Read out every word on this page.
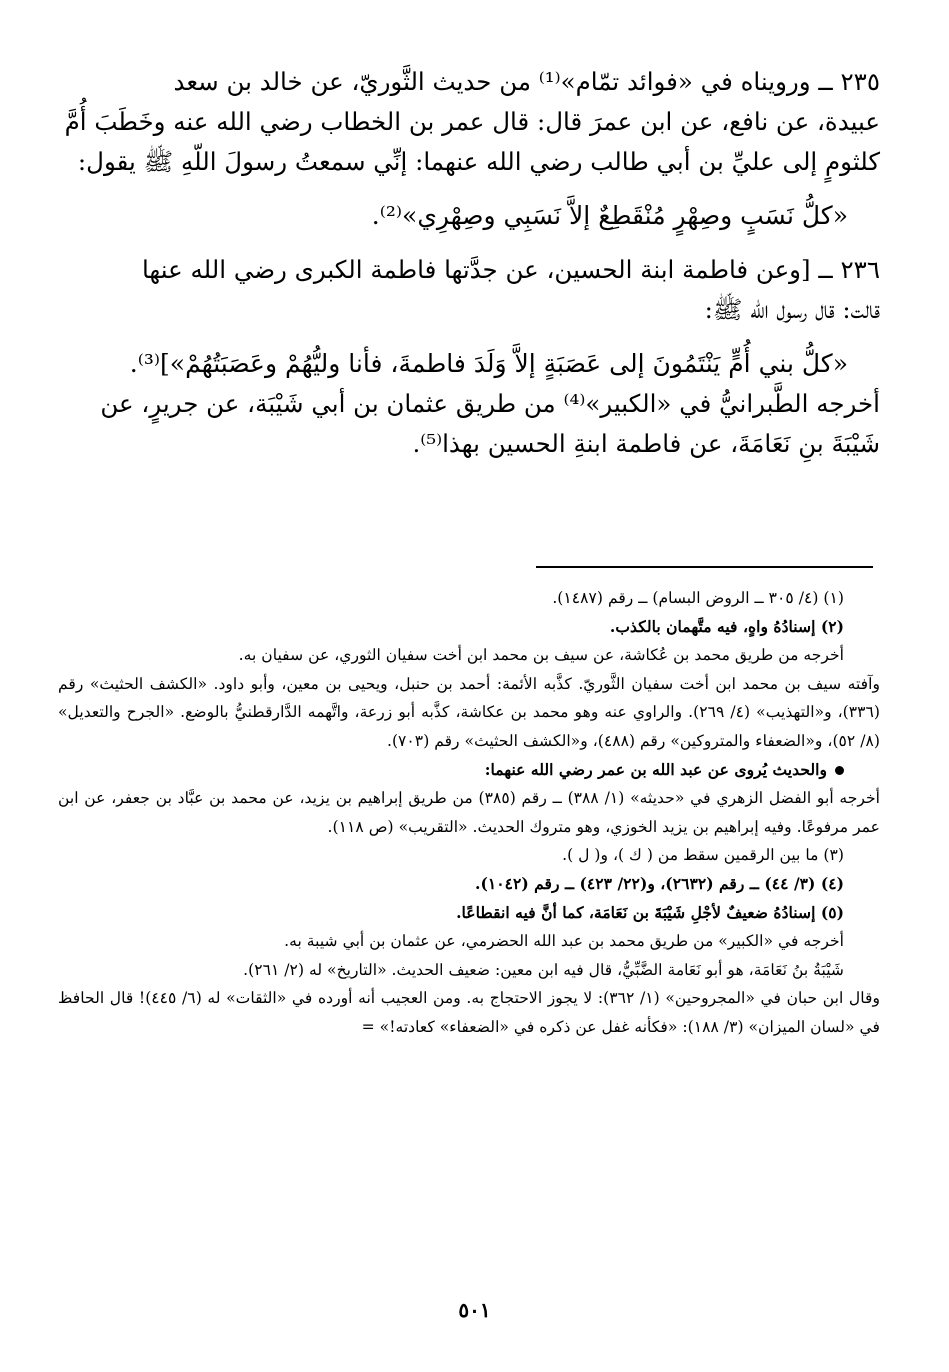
٢٣٥ ــ ورويناه في «فوائد تمّام»⁽¹⁾ من حديث الثَّوريّ، عن خالد بن سعد

عبيدة، عن نافع، عن ابن عمرَ قال: قال عمر بن الخطاب رضي الله عنه وخَطَبَ أُمَّ

كلثومٍ إلى عليِّ بن أبي طالب رضي الله عنهما: إنِّي سمعتُ رسولَ اللّهِ ﷺ يقول:

«كلُّ نَسَبٍ وصِهْرٍ مُنْقَطِعٌ إلاَّ نَسَبِي وصِهْرِي»⁽²⁾.

٢٣٦ ــ [وعن فاطمة ابنة الحسين، عن جدَّتها فاطمة الكبرى رضي الله عنها

قالت: قال رسول الله ﷺ:

«كلُّ بني أُمٍّ يَنْتَمُونَ إلى عَصَبَةٍ إلاَّ وَلَدَ فاطمةَ، فأنا وليُّهُمْ وعَصَبَتُهُمْ»]⁽³⁾.

أخرجه الطَّبرانيُّ في «الكبير»⁽⁴⁾ من طريق عثمان بن أبي شَيْبَة، عن جريرٍ، عن

شَيْبَةَ بنِ نَعَامَةَ، عن فاطمة ابنةِ الحسين بهذا⁽⁵⁾.

(١) (٤/ ٣٠٥ ــ الروض البسام) ــ رقم (١٤٨٧).

(٢) إسنادُهُ واهٍ، فيه متَّهمان بالكذب.

أخرجه من طريق محمد بن عُكاشة، عن سيف بن محمد ابن أخت سفيان الثوري، عن سفيان به.

وآفته سيف بن محمد ابن أخت سفيان الثَّوريّ. كذَّبه الأئمة: أحمد بن حنبل، ويحيى بن معين، وأبو داود. «الكشف الحثيث» رقم (٣٣٦)، و«التهذيب» (٤/ ٢٦٩). والراوي عنه وهو محمد بن عكاشة، كذَّبه أبو زرعة، واتَّهمه الدَّارقطنيُّ بالوضع. «الجرح والتعديل» (٨/ ٥٢)، و«الضعفاء والمتروكين» رقم (٤٨٨)، و«الكشف الحثيث» رقم (٧٠٣).

والحديث يُروى عن عبد الله بن عمر رضي الله عنهما:

أخرجه أبو الفضل الزهري في «حديثه» (١/ ٣٨٨) ــ رقم (٣٨٥) من طريق إبراهيم بن يزيد، عن محمد بن عبَّاد بن جعفر، عن ابن عمر مرفوعًا. وفيه إبراهيم بن يزيد الخوزي، وهو متروك الحديث. «التقريب» (ص ١١٨).

(٣) ما بين الرقمين سقط من ( ك )، و( ل ).

(٤) (٣/ ٤٤) ــ رقم (٢٦٣٢)، و(٢٢/ ٤٢٣) ــ رقم (١٠٤٢).

(٥) إسنادُهُ ضعيفٌ لأجْلِ شَيْبَةَ بن نَعَامَة، كما أنَّ فيه انقطاعًا.

أخرجه في «الكبير» من طريق محمد بن عبد الله الحضرمي، عن عثمان بن أبي شيبة به.

شَيْبَةُ بنُ نَعَامَة، هو أبو نَعَامة الضَّبِّيُّ، قال فيه ابن معين: ضعيف الحديث. «التاريخ» له (٢/ ٢٦١).

وقال ابن حبان في «المجروحين» (١/ ٣٦٢): لا يجوز الاحتجاج به. ومن العجيب أنه أورده في «الثقات» له (٦/ ٤٤٥)! قال الحافظ في «لسان الميزان» (٣/ ١٨٨): «فكأنه غفل عن ذكره في «الضعفاء» كعادته!» =

٥٠١
